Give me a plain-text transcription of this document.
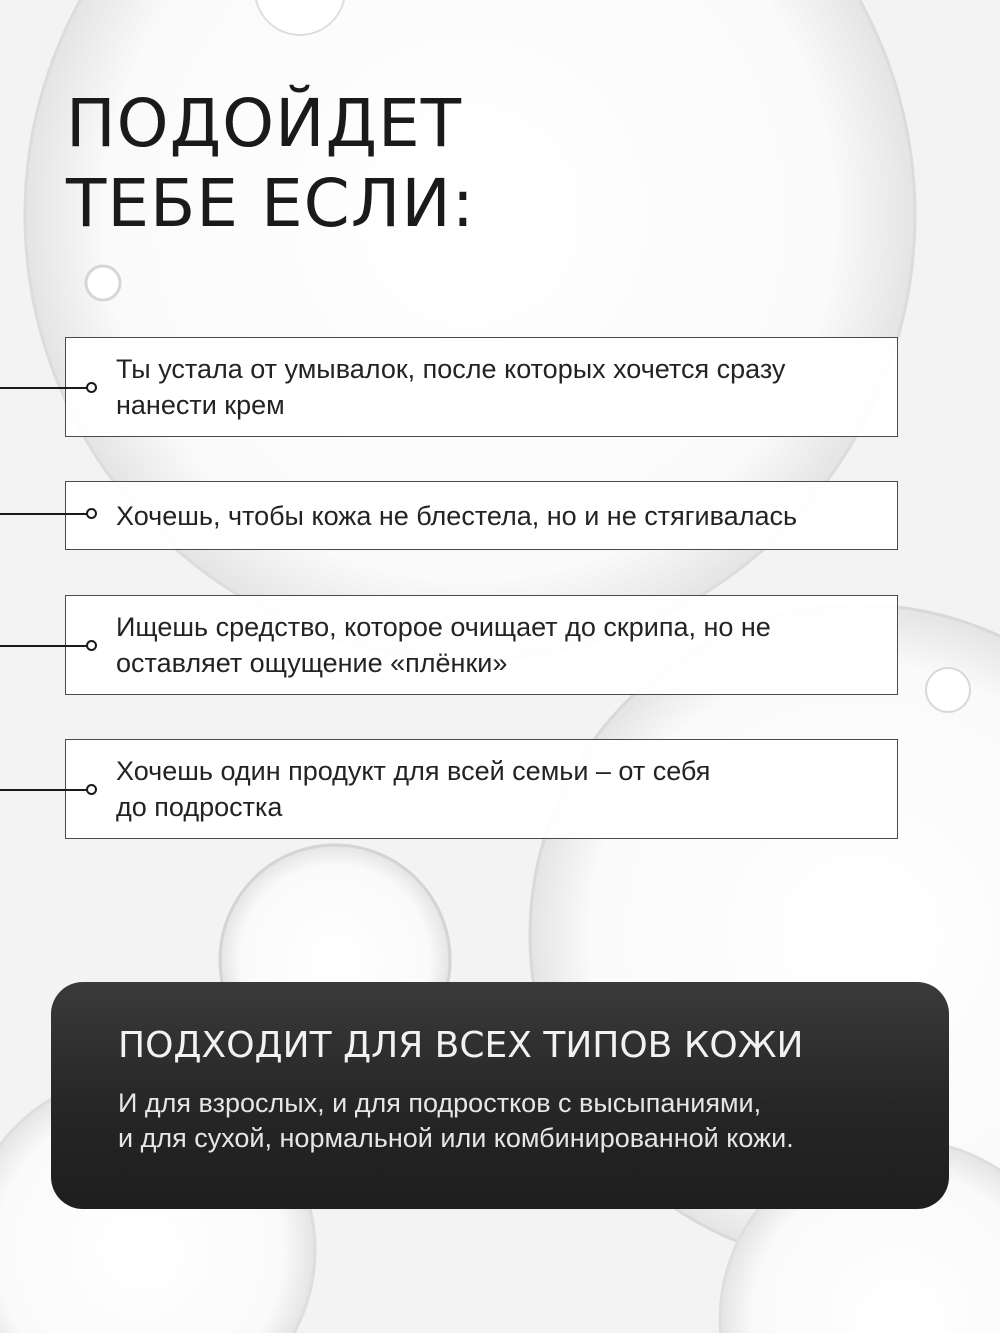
ПОДОЙДЕТ
ТЕБЕ ЕСЛИ:
Ты устала от умывалок, после которых хочется сразу
нанести крем
Хочешь, чтобы кожа не блестела, но и не стягивалась
Ищешь средство, которое очищает до скрипа, но не
оставляет ощущение «плёнки»
Хочешь один продукт для всей семьи – от себя
до подростка
ПОДХОДИТ ДЛЯ ВСЕХ ТИПОВ КОЖИ
И для взрослых, и для подростков с высыпаниями,
и для сухой, нормальной или комбинированной кожи.
